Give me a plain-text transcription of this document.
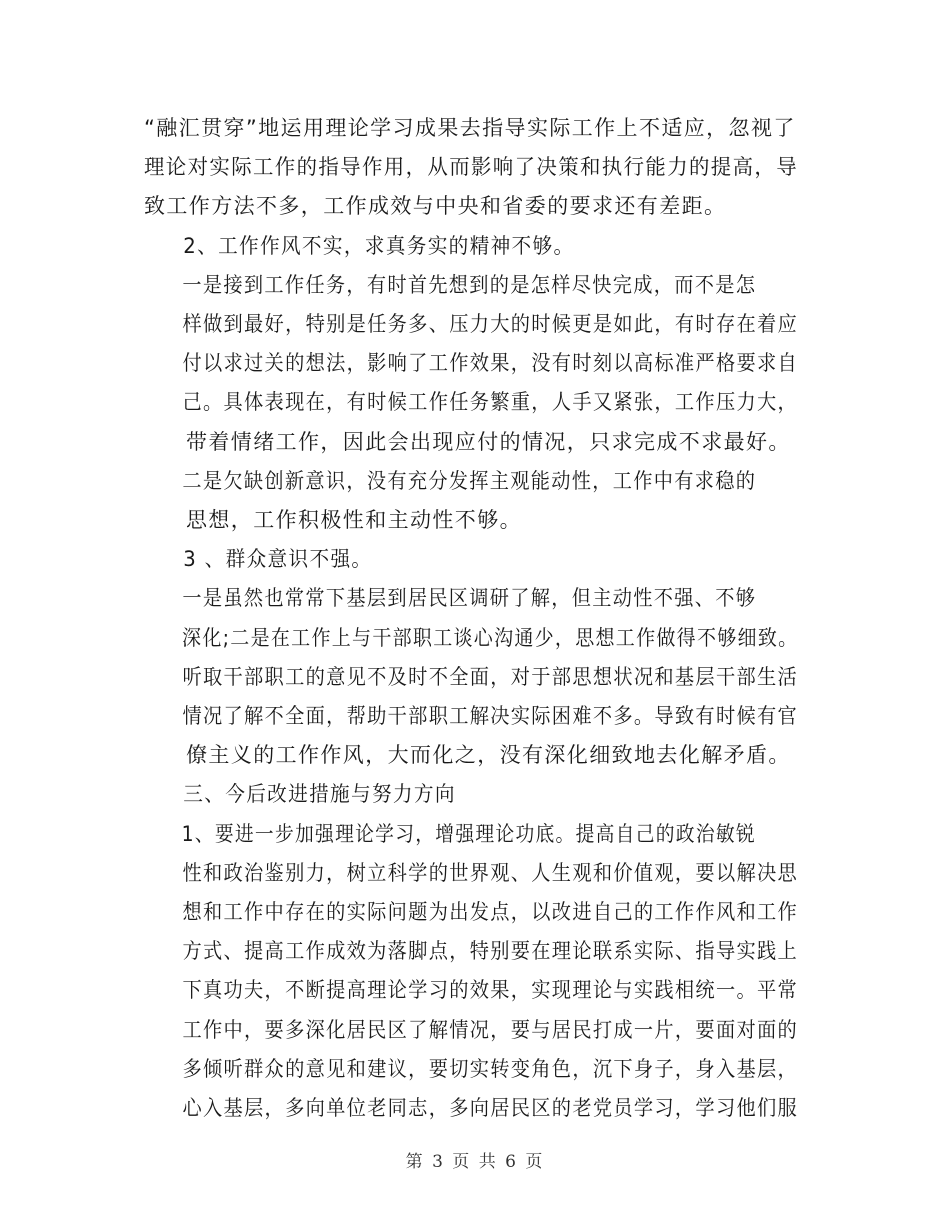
“融汇贯穿”地运用理论学习成果去指导实际工作上不适应，忽视了
理论对实际工作的指导作用，从而影响了决策和执行能力的提高，导
致工作方法不多，工作成效与中央和省委的要求还有差距。

2、工作作风不实，求真务实的精神不够。

一是接到工作任务，有时首先想到的是怎样尽快完成，而不是怎
样做到最好，特别是任务多、压力大的时候更是如此，有时存在着应
付以求过关的想法，影响了工作效果，没有时刻以高标准严格要求自
己。具体表现在，有时候工作任务繁重，人手又紧张，工作压力大，
带着情绪工作，因此会出现应付的情况，只求完成不求最好。

二是欠缺创新意识，没有充分发挥主观能动性，工作中有求稳的
思想，工作积极性和主动性不够。

3 、群众意识不强。

一是虽然也常常下基层到居民区调研了解，但主动性不强、不够
深化;二是在工作上与干部职工谈心沟通少，思想工作做得不够细致。
听取干部职工的意见不及时不全面，对于部思想状况和基层干部生活
情况了解不全面，帮助干部职工解决实际困难不多。导致有时候有官
僚主义的工作作风，大而化之，没有深化细致地去化解矛盾。

三、今后改进措施与努力方向

1、要进一步加强理论学习，增强理论功底。提高自己的政治敏锐
性和政治鉴别力，树立科学的世界观、人生观和价值观，要以解决思
想和工作中存在的实际问题为出发点，以改进自己的工作作风和工作
方式、提高工作成效为落脚点，特别要在理论联系实际、指导实践上
下真功夫，不断提高理论学习的效果，实现理论与实践相统一。平常
工作中，要多深化居民区了解情况，要与居民打成一片，要面对面的
多倾听群众的意见和建议，要切实转变角色，沉下身子，身入基层，
心入基层，多向单位老同志，多向居民区的老党员学习，学习他们服

第 3 页 共 6 页
